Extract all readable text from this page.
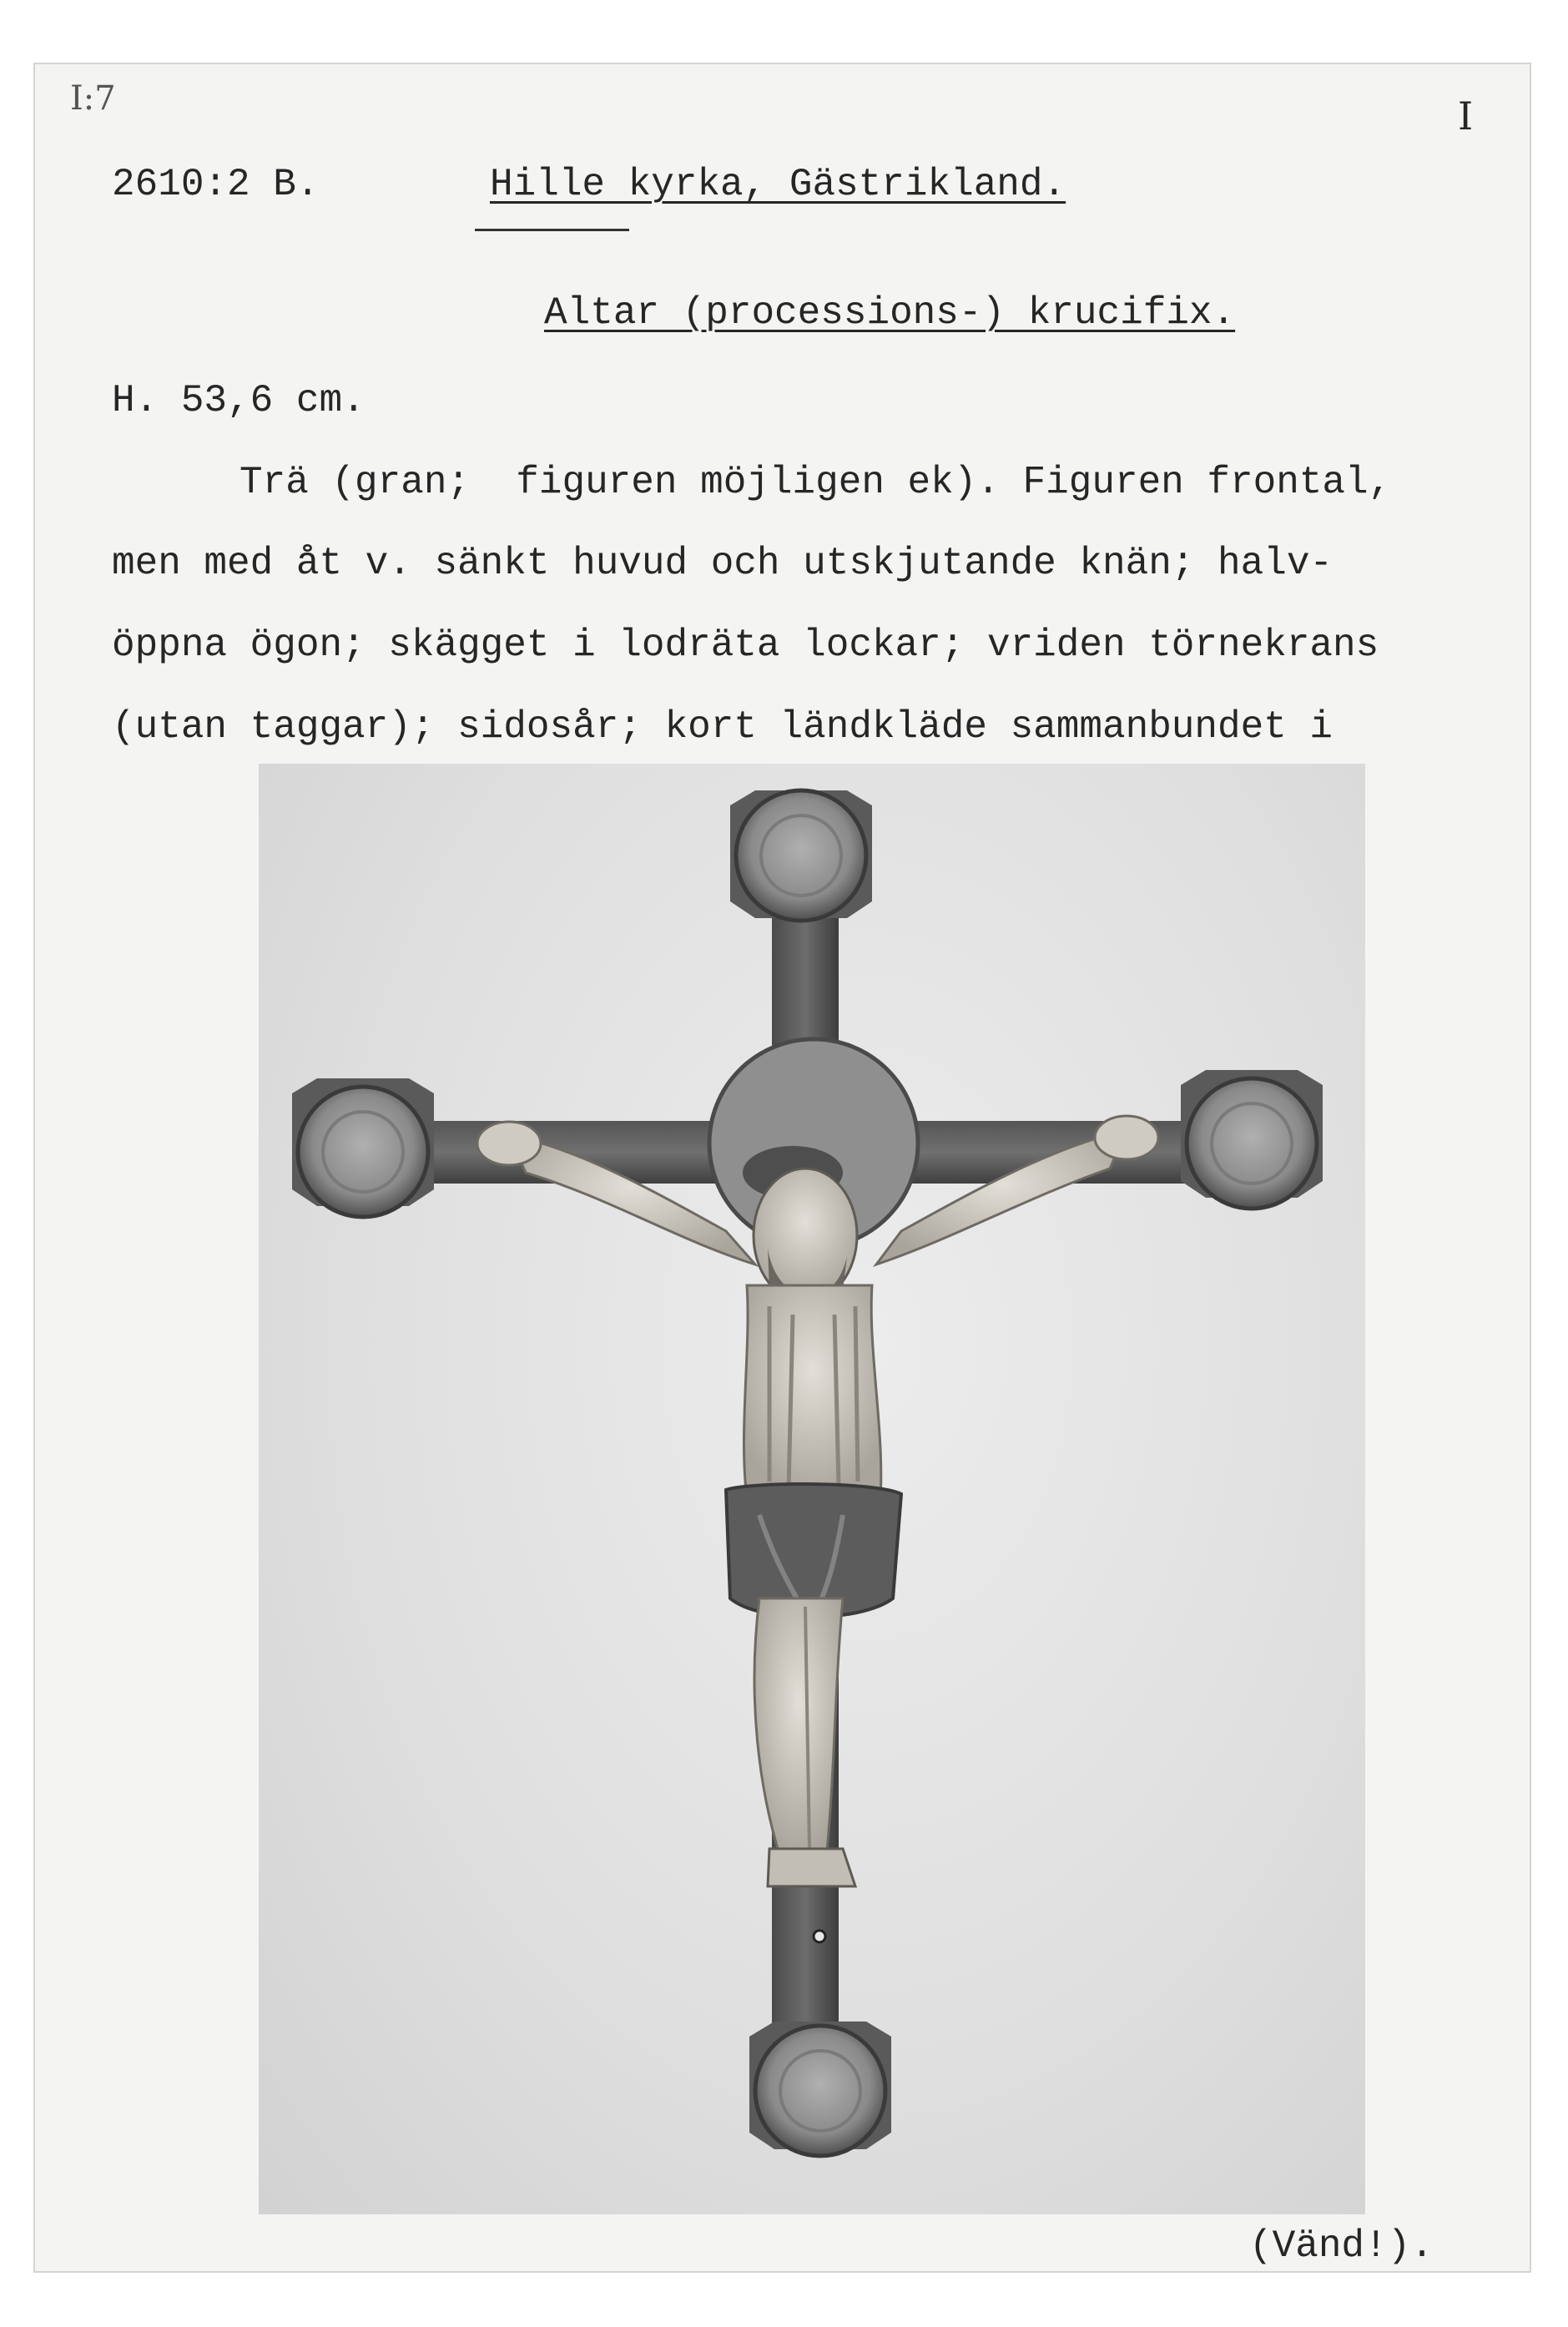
I:7	I
2610:2 B.	Hille kyrka, Gästrikland.
Altar (processions-) krucifix.
H. 53,6 cm.
Trä (gran;  figuren möjligen ek). Figuren frontal,
men med åt v. sänkt huvud och utskjutande knän; halv-
öppna ögon; skägget i lodräta lockar; vriden törnekrans
(utan taggar); sidosår; kort ländkläde sammanbundet i
(Vänd!).
